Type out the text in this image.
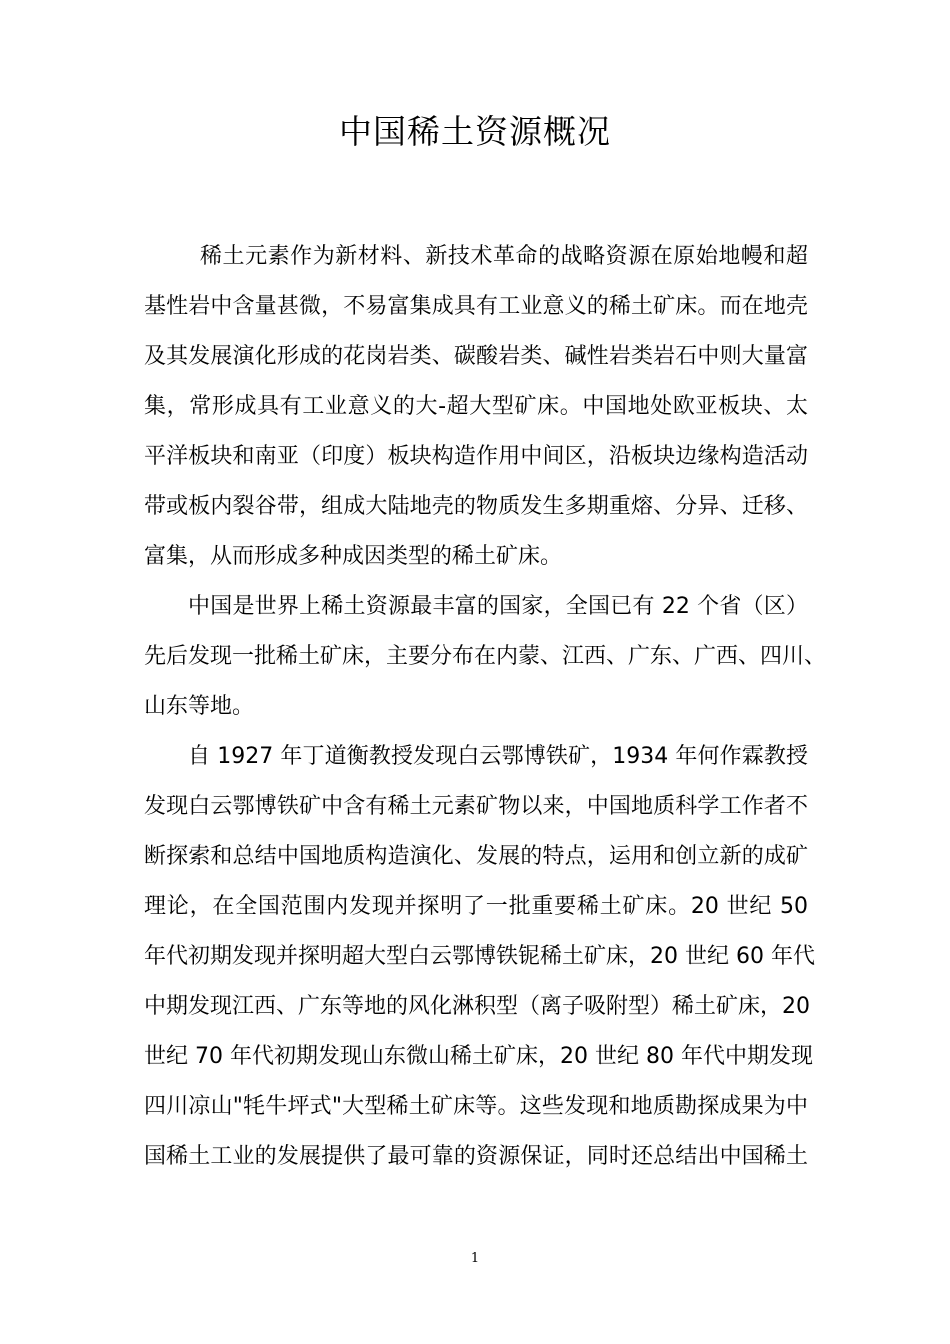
中国稀土资源概况

稀土元素作为新材料、新技术革命的战略资源在原始地幔和超
基性岩中含量甚微，不易富集成具有工业意义的稀土矿床。而在地壳
及其发展演化形成的花岗岩类、碳酸岩类、碱性岩类岩石中则大量富
集，常形成具有工业意义的大-超大型矿床。中国地处欧亚板块、太
平洋板块和南亚（印度）板块构造作用中间区，沿板块边缘构造活动
带或板内裂谷带，组成大陆地壳的物质发生多期重熔、分异、迁移、
富集，从而形成多种成因类型的稀土矿床。

中国是世界上稀土资源最丰富的国家，全国已有 22 个省（区）
先后发现一批稀土矿床，主要分布在内蒙、江西、广东、广西、四川、
山东等地。

自 1927 年丁道衡教授发现白云鄂博铁矿，1934 年何作霖教授
发现白云鄂博铁矿中含有稀土元素矿物以来，中国地质科学工作者不
断探索和总结中国地质构造演化、发展的特点，运用和创立新的成矿
理论，在全国范围内发现并探明了一批重要稀土矿床。20 世纪 50
年代初期发现并探明超大型白云鄂博铁铌稀土矿床，20 世纪 60 年代
中期发现江西、广东等地的风化淋积型（离子吸附型）稀土矿床，20
世纪 70 年代初期发现山东微山稀土矿床，20 世纪 80 年代中期发现
四川凉山"牦牛坪式"大型稀土矿床等。这些发现和地质勘探成果为中
国稀土工业的发展提供了最可靠的资源保证，同时还总结出中国稀土

1
